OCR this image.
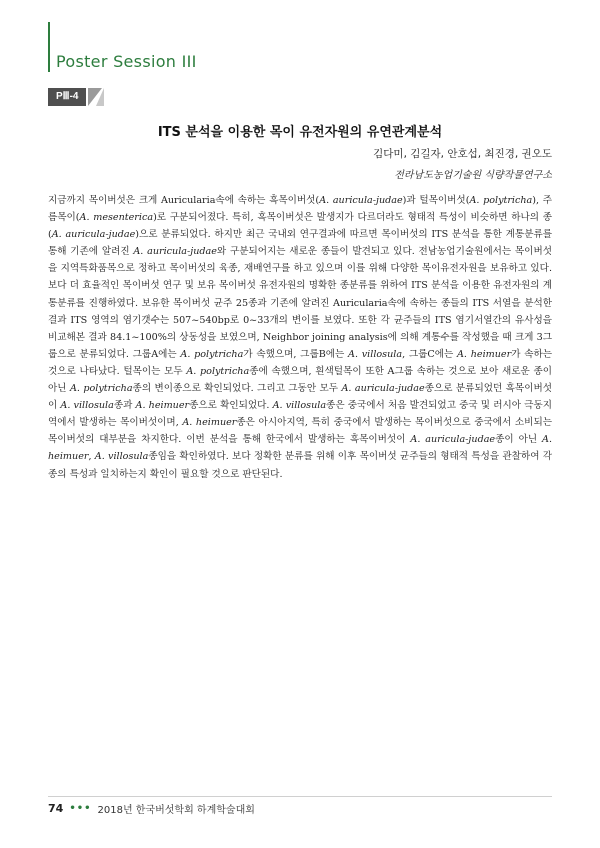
Poster Session III
PⅢ-4
ITS 분석을 이용한 목이 유전자원의 유연관계분석
김다미, 김길자, 안호섭, 최진경, 권오도
전라남도농업기술원 식량작물연구소

지금까지 목이버섯은 크게 Auricularia속에 속하는 흑목이버섯(A. auricula-judae)과 털목이버섯(A. polytricha), 주름목이(A. mesenterica)로 구분되어졌다. 특히, 흑목이버섯은 발생지가 다르더라도 형태적 특성이 비슷하면 하나의 종(A. auricula-judae)으로 분류되었다. 하지만 최근 국내외 연구결과에 따르면 목이버섯의 ITS 분석을 통한 계통분류를 통해 기존에 알려진 A. auricula-judae와 구분되어지는 새로운 종들이 발견되고 있다. 전남농업기술원에서는 목이버섯을 지역특화품목으로 정하고 목이버섯의 육종, 재배연구를 하고 있으며 이를 위해 다양한 목이유전자원을 보유하고 있다. 보다 더 효율적인 목이버섯 연구 및 보유 목이버섯 유전자원의 명확한 종분류를 위하여 ITS 분석을 이용한 유전자원의 계통분류를 진행하였다. 보유한 목이버섯 균주 25종과 기존에 알려진 Auricularia속에 속하는 종들의 ITS 서열을 분석한 결과 ITS 영역의 염기갯수는 507~540bp로 0~33개의 변이를 보였다. 또한 각 균주들의 ITS 염기서열간의 유사성을 비교해본 결과 84.1~100%의 상동성을 보였으며, Neighbor joining analysis에 의해 계통수를 작성했을 때 크게 3그룹으로 분류되었다. 그룹A에는 A. polytricha가 속했으며, 그룹B에는 A. villosula, 그룹C에는 A. heimuer가 속하는 것으로 나타났다. 털목이는 모두 A. polytricha종에 속했으며, 흰색털목이 또한 A그룹 속하는 것으로 보아 새로운 종이 아닌 A. polytricha종의 변이종으로 확인되었다. 그리고 그동안 모두 A. auricula-judae종으로 분류되었던 흑목이버섯이 A. villosula종과 A. heimuer종으로 확인되었다. A. villosula종은 중국에서 처음 발견되었고 중국 및 러시아 극동지역에서 발생하는 목이버섯이며, A. heimuer종은 아시아지역, 특히 중국에서 발생하는 목이버섯으로 중국에서 소비되는 목이버섯의 대부분을 차지한다. 이번 분석을 통해 한국에서 발생하는 흑목이버섯이 A. auricula-judae종이 아닌 A. heimuer, A. villosula종임을 확인하였다. 보다 정확한 분류를 위해 이후 목이버섯 균주들의 형태적 특성을 관찰하여 각 종의 특성과 일치하는지 확인이 필요할 것으로 판단된다.

74 ••• 2018년 한국버섯학회 하계학술대회
